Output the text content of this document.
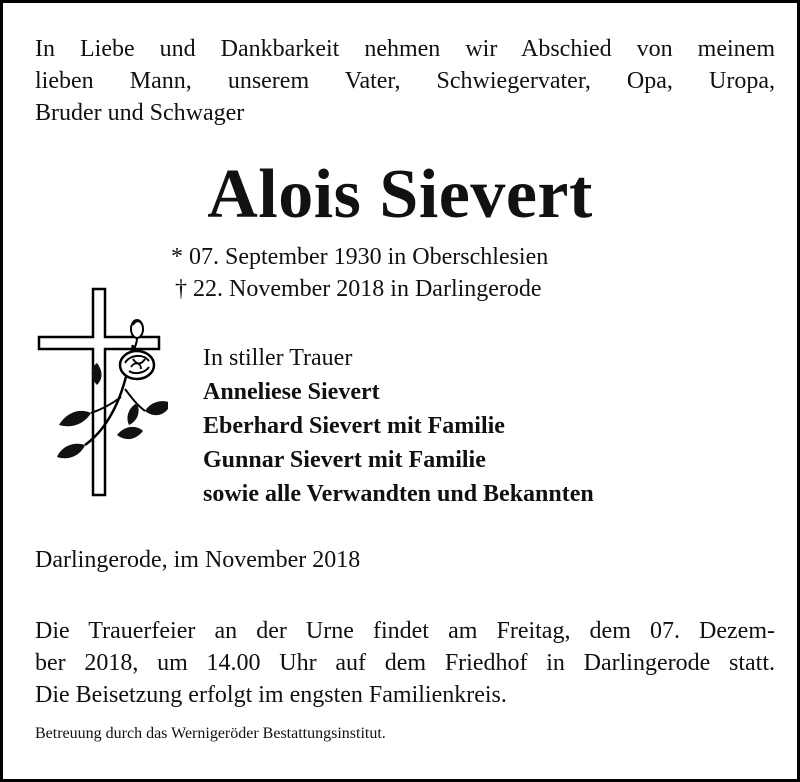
In Liebe und Dankbarkeit nehmen wir Abschied von meinem
lieben Mann, unserem Vater, Schwiegervater, Opa, Uropa,
Bruder und Schwager
Alois Sievert
* 07. September 1930 in Oberschlesien
† 22. November 2018 in Darlingerode
In stiller Trauer
Anneliese Sievert
Eberhard Sievert mit Familie
Gunnar Sievert mit Familie
sowie alle Verwandten und Bekannten
Darlingerode, im November 2018
Die Trauerfeier an der Urne findet am Freitag, dem 07. Dezem-
ber 2018, um 14.00 Uhr auf dem Friedhof in Darlingerode statt.
Die Beisetzung erfolgt im engsten Familienkreis.
Betreuung durch das Wernigeröder Bestattungsinstitut.
